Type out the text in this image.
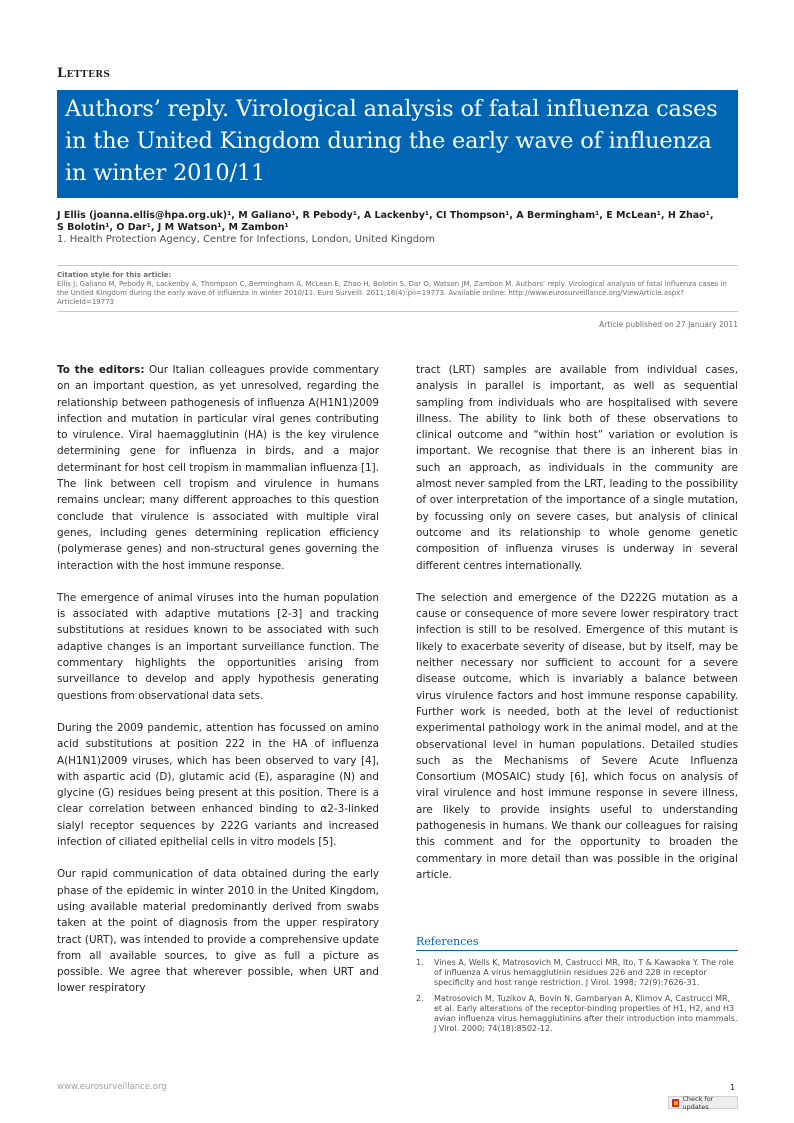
Letters
Authors’ reply. Virological analysis of fatal influenza cases in the United Kingdom during the early wave of influenza in winter 2010/11
J Ellis (joanna.ellis@hpa.org.uk)¹, M Galiano¹, R Pebody¹, A Lackenby¹, CI Thompson¹, A Bermingham¹, E McLean¹, H Zhao¹,
S Bolotin¹, O Dar¹, J M Watson¹, M Zambon¹
1. Health Protection Agency, Centre for Infections, London, United Kingdom
Citation style for this article:
Ellis J, Galiano M, Pebody R, Lackenby A, Thompson C, Bermingham A, McLean E, Zhao H, Bolotin S, Dar O, Watson JM, Zambon M. Authors’ reply. Virological analysis of fatal influenza cases in the United Kingdom during the early wave of influenza in winter 2010/11. Euro Surveill. 2011;16(4):pii=19773. Available online: http://www.eurosurveillance.org/ViewArticle.aspx?ArticleId=19773
Article published on 27 January 2011

To the editors: Our Italian colleagues provide commentary on an important question, as yet unresolved, regarding the relationship between pathogenesis of influenza A(H1N1)2009 infection and mutation in particular viral genes contributing to virulence. Viral haemagglutinin (HA) is the key virulence determining gene for influenza in birds, and a major determinant for host cell tropism in mammalian influenza [1]. The link between cell tropism and virulence in humans remains unclear; many different approaches to this question conclude that virulence is associated with multiple viral genes, including genes determining replication efficiency (polymerase genes) and non-structural genes governing the interaction with the host immune response.

The emergence of animal viruses into the human population is associated with adaptive mutations [2-3] and tracking substitutions at residues known to be associated with such adaptive changes is an important surveillance function. The commentary highlights the opportunities arising from surveillance to develop and apply hypothesis generating questions from observational data sets.

During the 2009 pandemic, attention has focussed on amino acid substitutions at position 222 in the HA of influenza A(H1N1)2009 viruses, which has been observed to vary [4], with aspartic acid (D), glutamic acid (E), asparagine (N) and glycine (G) residues being present at this position. There is a clear correlation between enhanced binding to α2-3-linked sialyl receptor sequences by 222G variants and increased infection of ciliated epithelial cells in vitro models [5].

Our rapid communication of data obtained during the early phase of the epidemic in winter 2010 in the United Kingdom, using available material predominantly derived from swabs taken at the point of diagnosis from the upper respiratory tract (URT), was intended to provide a comprehensive update from all available sources, to give as full a picture as possible. We agree that wherever possible, when URT and lower respiratory

tract (LRT) samples are available from individual cases, analysis in parallel is important, as well as sequential sampling from individuals who are hospitalised with severe illness. The ability to link both of these observations to clinical outcome and “within host” variation or evolution is important. We recognise that there is an inherent bias in such an approach, as individuals in the community are almost never sampled from the LRT, leading to the possibility of over interpretation of the importance of a single mutation, by focussing only on severe cases, but analysis of clinical outcome and its relationship to whole genome genetic composition of influenza viruses is underway in several different centres internationally.

The selection and emergence of the D222G mutation as a cause or consequence of more severe lower respiratory tract infection is still to be resolved. Emergence of this mutant is likely to exacerbate severity of disease, but by itself, may be neither necessary nor sufficient to account for a severe disease outcome, which is invariably a balance between virus virulence factors and host immune response capability. Further work is needed, both at the level of reductionist experimental pathology work in the animal model, and at the observational level in human populations. Detailed studies such as the Mechanisms of Severe Acute Influenza Consortium (MOSAIC) study [6], which focus on analysis of viral virulence and host immune response in severe illness, are likely to provide insights useful to understanding pathogenesis in humans. We thank our colleagues for raising this comment and for the opportunity to broaden the commentary in more detail than was possible in the original article.

References
1. Vines A, Wells K, Matrosovich M, Castrucci MR, Ito, T & Kawaoka Y. The role of influenza A virus hemagglutinin residues 226 and 228 in receptor specificity and host range restriction. J Virol. 1998; 72(9):7626-31.
2. Matrosovich M, Tuzikov A, Bovin N, Gambaryan A, Klimov A, Castrucci MR, et al. Early alterations of the receptor-binding properties of H1, H2, and H3 avian influenza virus hemagglutinins after their introduction into mammals. J Virol. 2000; 74(18):8502-12.
www.eurosurveillance.org	1
Check for updates
